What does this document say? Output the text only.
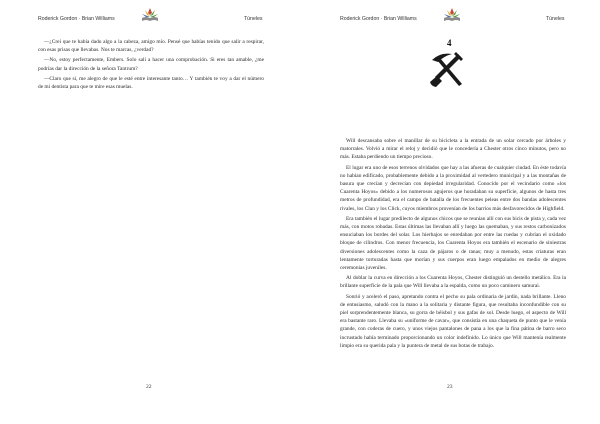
Roderick Gordon · Brian Williams	Túneles

—¿Creí que te había dado algo a la cabeza, amigo mío. Pensé que habías tenido que salir a respirar, con esas prisas que llevabas. Nos te marcas, ¿verdad?

—No, estoy perfectamente, Embers. Solo salí a hacer una comprobación. Si eres tan amable, ¿me podrías dar la dirección de la señora Tantrum?

—Claro que sí, me alegro de que le esté entre interesante tanto… Y también te voy a dar el número de mi dentista para que te mire esas muelas.

22
Roderick Gordon · Brian Williams	Túneles
4

Will descansaba sobre el manillar de su bicicleta a la entrada de un solar cercado por árboles y matorrales. Volvió a mirar el reloj y decidió que le concedería a Chester otros cinco minutos, pero no más. Estaba perdiendo un tiempo precioso.

El lugar era uno de esos terrenos olvidados que hay a las afueras de cualquier ciudad. En éste todavía no habían edificado, probablemente debido a la proximidad al vertedero municipal y a las montañas de basura que crecían y decrecían con depiedad irregularidad. Conocido por el vecindario como «los Cuarenta Hoyos» debido a los numerosos agujeros que horadaban su superficie, algunos de hasta tres metros de profundidad, era el campo de batalla de los frecuentes peleas entre dos bandas adolescentes rivales, los Clan y los Click, cuyos miembros provenían de los barrios más desfavorecidos de Highfield.

Era también el lugar predilecto de algunos chicos que se reunían allí con sus bicis de pista y, cada vez más, con motos robadas. Estas últimas las llevaban allí y luego las quemaban, y sus restos carbonizados ensuciaban los bordes del solar. Los hierbajos se enredaban por entre las ruedas y cubrían el oxidado bloque de cilindros. Con menor frecuencia, los Cuarenta Hoyos era también el escenario de siniestras diversiones adolescentes como la caza de pájaros o de ranas; muy a menudo, estas criaturas eran lentamente torturadas hasta que morían y sus cuerpos eran luego empalados en medio de alegres ceremonias juveniles.

Al doblar la curva en dirección a los Cuarenta Hoyos, Chester distinguió un destello metálico. Era la brillante superficie de la pala que Will llevaba a la espalda, como un poco caminero samurai.

Sonrió y acelerò el paso, apretando contra el pecho su pala ordinaria de jardín, nada brillante. Lleno de entusiasmo, saludó con la mano a la solitaria y distante figura, que resultaba inconfundible con su piel sorprendentemente blanca, su gorra de béisbol y sus gafas de sol. Desde luego, el aspecto de Will era bastante raro. Llevaba su «uniforme de cavar», que consistía en una chaqueta de punto que le venía grande, con coderas de cuero, y unos viejos pantalones de pana a los que la fina pátina de barro seco incrustado había terminado proporcionando un color indefinido. Lo único que Will mantenía realmente limpio era su querida pala y la puntera de metal de sus botas de trabajo.

23
